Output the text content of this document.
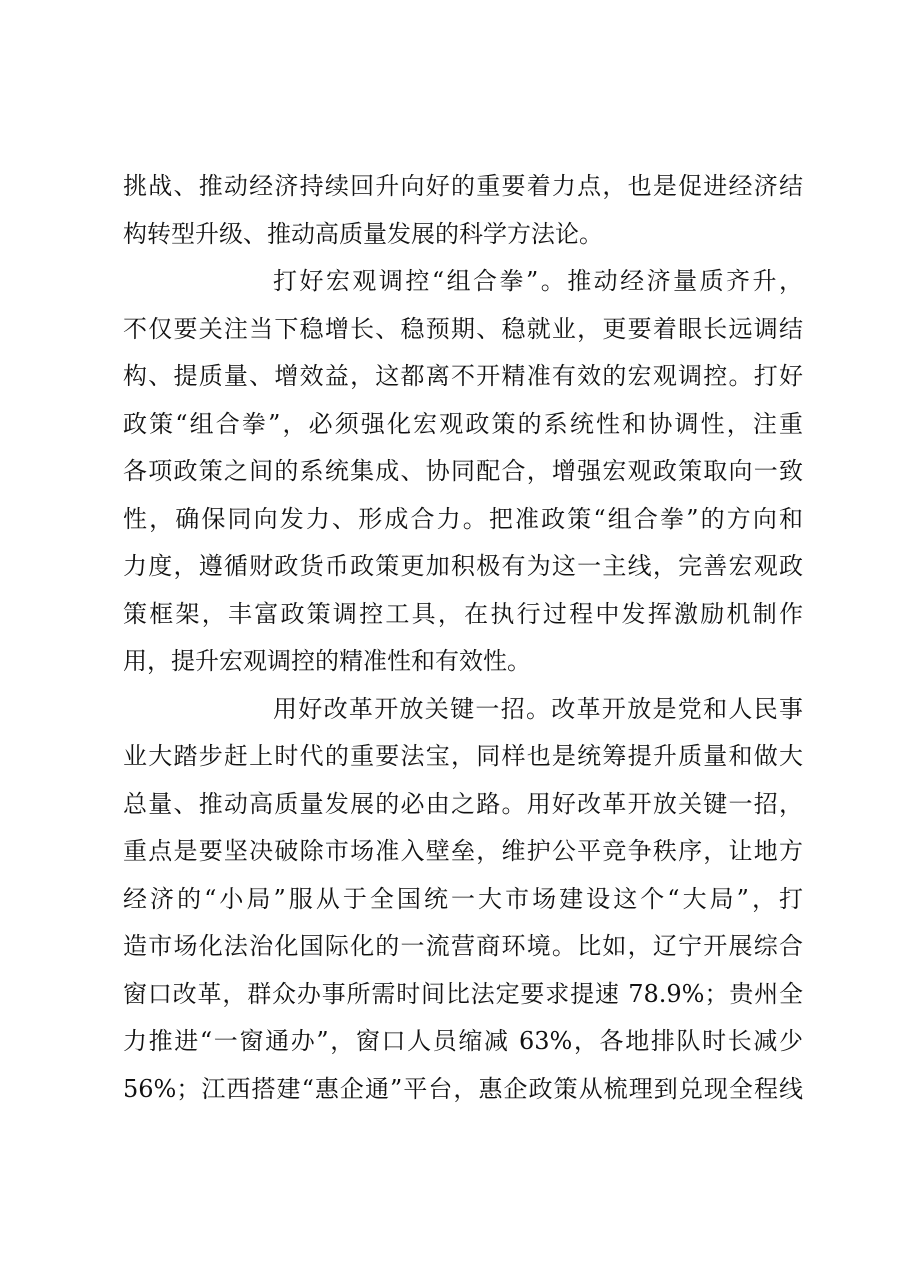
挑战、推动经济持续回升向好的重要着力点，也是促进经济结
构转型升级、推动高质量发展的科学方法论。
打好宏观调控“组合拳”。推动经济量质齐升，
不仅要关注当下稳增长、稳预期、稳就业，更要着眼长远调结
构、提质量、增效益，这都离不开精准有效的宏观调控。打好
政策“组合拳”，必须强化宏观政策的系统性和协调性，注重
各项政策之间的系统集成、协同配合，增强宏观政策取向一致
性，确保同向发力、形成合力。把准政策“组合拳”的方向和
力度，遵循财政货币政策更加积极有为这一主线，完善宏观政
策框架，丰富政策调控工具，在执行过程中发挥激励机制作
用，提升宏观调控的精准性和有效性。
用好改革开放关键一招。改革开放是党和人民事
业大踏步赶上时代的重要法宝，同样也是统筹提升质量和做大
总量、推动高质量发展的必由之路。用好改革开放关键一招，
重点是要坚决破除市场准入壁垒，维护公平竞争秩序，让地方
经济的“小局”服从于全国统一大市场建设这个“大局”，打
造市场化法治化国际化的一流营商环境。比如，辽宁开展综合
窗口改革，群众办事所需时间比法定要求提速 78.9%；贵州全
力推进“一窗通办”，窗口人员缩减 63%，各地排队时长减少
56%；江西搭建“惠企通”平台，惠企政策从梳理到兑现全程线
